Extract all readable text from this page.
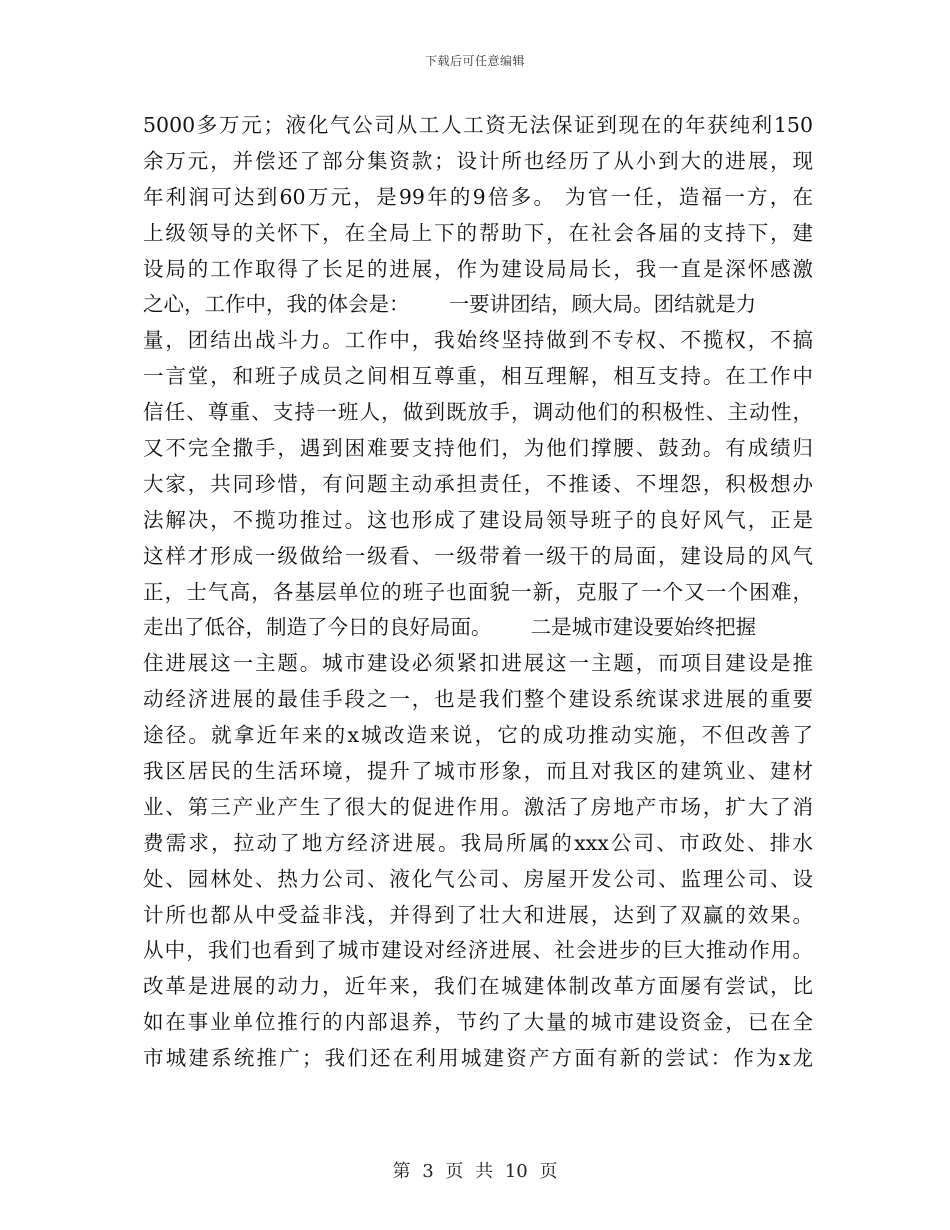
下载后可任意编辑
5000多万元；液化气公司从工人工资无法保证到现在的年获纯利150
余万元，并偿还了部分集资款；设计所也经历了从小到大的进展，现
年利润可达到60万元，是99年的9倍多。 为官一任，造福一方，在
上级领导的关怀下，在全局上下的帮助下，在社会各届的支持下，建
设局的工作取得了长足的进展，作为建设局局长，我一直是深怀感激
之心，工作中，我的体会是：      一要讲团结，顾大局。团结就是力
量，团结出战斗力。工作中，我始终坚持做到不专权、不揽权，不搞
一言堂，和班子成员之间相互尊重，相互理解，相互支持。在工作中
信任、尊重、支持一班人，做到既放手，调动他们的积极性、主动性，
又不完全撒手，遇到困难要支持他们，为他们撑腰、鼓劲。有成绩归
大家，共同珍惜，有问题主动承担责任，不推诿、不埋怨，积极想办
法解决，不揽功推过。这也形成了建设局领导班子的良好风气，正是
这样才形成一级做给一级看、一级带着一级干的局面，建设局的风气
正，士气高，各基层单位的班子也面貌一新，克服了一个又一个困难，
走出了低谷，制造了今日的良好局面。      二是城市建设要始终把握
住进展这一主题。城市建设必须紧扣进展这一主题，而项目建设是推
动经济进展的最佳手段之一，也是我们整个建设系统谋求进展的重要
途径。就拿近年来的x城改造来说，它的成功推动实施，不但改善了
我区居民的生活环境，提升了城市形象，而且对我区的建筑业、建材
业、第三产业产生了很大的促进作用。激活了房地产市场，扩大了消
费需求，拉动了地方经济进展。我局所属的xxx公司、市政处、排水
处、园林处、热力公司、液化气公司、房屋开发公司、监理公司、设
计所也都从中受益非浅，并得到了壮大和进展，达到了双赢的效果。
从中，我们也看到了城市建设对经济进展、社会进步的巨大推动作用。
改革是进展的动力，近年来，我们在城建体制改革方面屡有尝试，比
如在事业单位推行的内部退养，节约了大量的城市建设资金，已在全
市城建系统推广；我们还在利用城建资产方面有新的尝试：作为x龙
第 3 页 共 10 页
